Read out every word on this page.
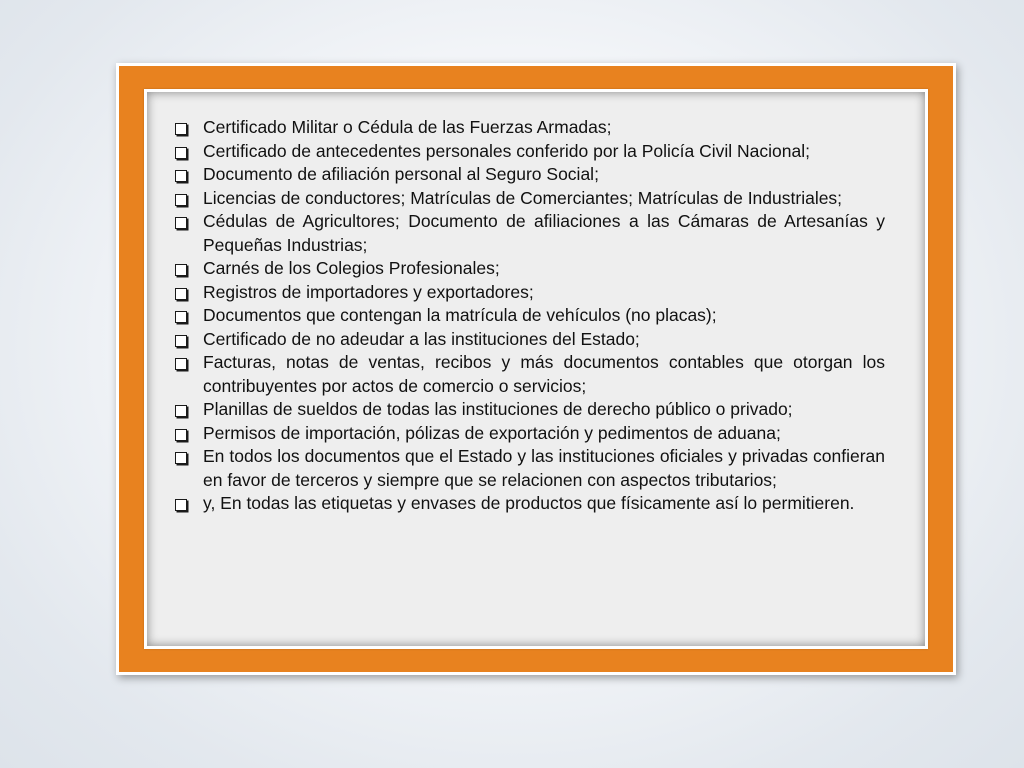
Certificado Militar o Cédula de las Fuerzas Armadas;
Certificado de antecedentes personales conferido por la Policía Civil Nacional;
Documento de afiliación personal al Seguro Social;
Licencias de conductores; Matrículas de Comerciantes; Matrículas de Industriales;
Cédulas de Agricultores; Documento de afiliaciones a las Cámaras de Artesanías y Pequeñas Industrias;
Carnés de los Colegios Profesionales;
Registros de importadores y exportadores;
Documentos que contengan la matrícula de vehículos (no placas);
Certificado de no adeudar a las instituciones del Estado;
Facturas, notas de ventas, recibos y más documentos contables que otorgan los contribuyentes por actos de comercio o servicios;
Planillas de sueldos de todas las instituciones de derecho público o privado;
Permisos de importación, pólizas de exportación y pedimentos de aduana;
En todos los documentos que el Estado y las instituciones oficiales y privadas confieran en favor de terceros y siempre que se relacionen con aspectos tributarios;
y, En todas las etiquetas y envases de productos que físicamente así lo permitieren.
